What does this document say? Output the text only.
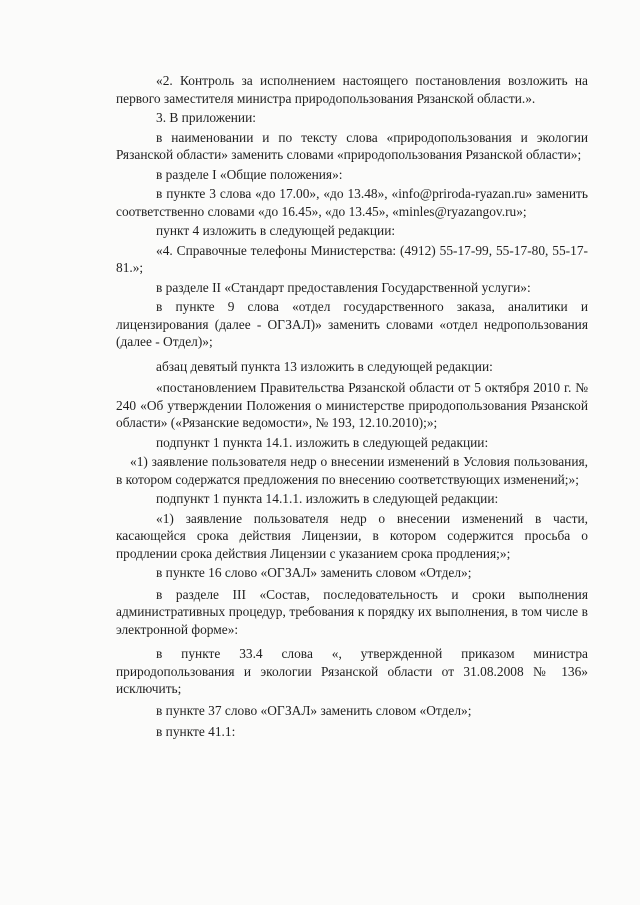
«2. Контроль за исполнением настоящего постановления возложить на первого заместителя министра природопользования Рязанской области.».

3. В приложении:

в наименовании и по тексту слова «природопользования и экологии Рязанской области» заменить словами «природопользования Рязанской области»;

в разделе I «Общие положения»:

в пункте 3 слова «до 17.00», «до 13.48», «info@priroda-ryazan.ru» заменить соответственно словами «до 16.45», «до 13.45», «minles@ryazangov.ru»;

пункт 4 изложить в следующей редакции:

«4. Справочные телефоны Министерства: (4912) 55-17-99, 55-17-80, 55-17-81.»;

в разделе II «Стандарт предоставления Государственной услуги»:

в пункте 9 слова «отдел государственного заказа, аналитики и лицензирования (далее - ОГЗАЛ)» заменить словами «отдел недропользования (далее - Отдел)»;

абзац девятый пункта 13 изложить в следующей редакции:

«постановлением Правительства Рязанской области от 5 октября 2010 г. № 240 «Об утверждении Положения о министерстве природопользования Рязанской области» («Рязанские ведомости», № 193, 12.10.2010);»;

подпункт 1 пункта 14.1. изложить в следующей редакции:

«1) заявление пользователя недр о внесении изменений в Условия пользования, в котором содержатся предложения по внесению соответствующих изменений;»;

подпункт 1 пункта 14.1.1. изложить в следующей редакции:

«1) заявление пользователя недр о внесении изменений в части, касающейся срока действия Лицензии, в котором содержится просьба о продлении срока действия Лицензии с указанием срока продления;»;

в пункте 16 слово «ОГЗАЛ» заменить словом «Отдел»;

в разделе III «Состав, последовательность и сроки выполнения административных процедур, требования к порядку их выполнения, в том числе в электронной форме»:

в пункте 33.4 слова «, утвержденной приказом министра природопользования и экологии Рязанской области от 31.08.2008 № 136» исключить;

в пункте 37 слово «ОГЗАЛ» заменить словом «Отдел»;

в пункте 41.1:
